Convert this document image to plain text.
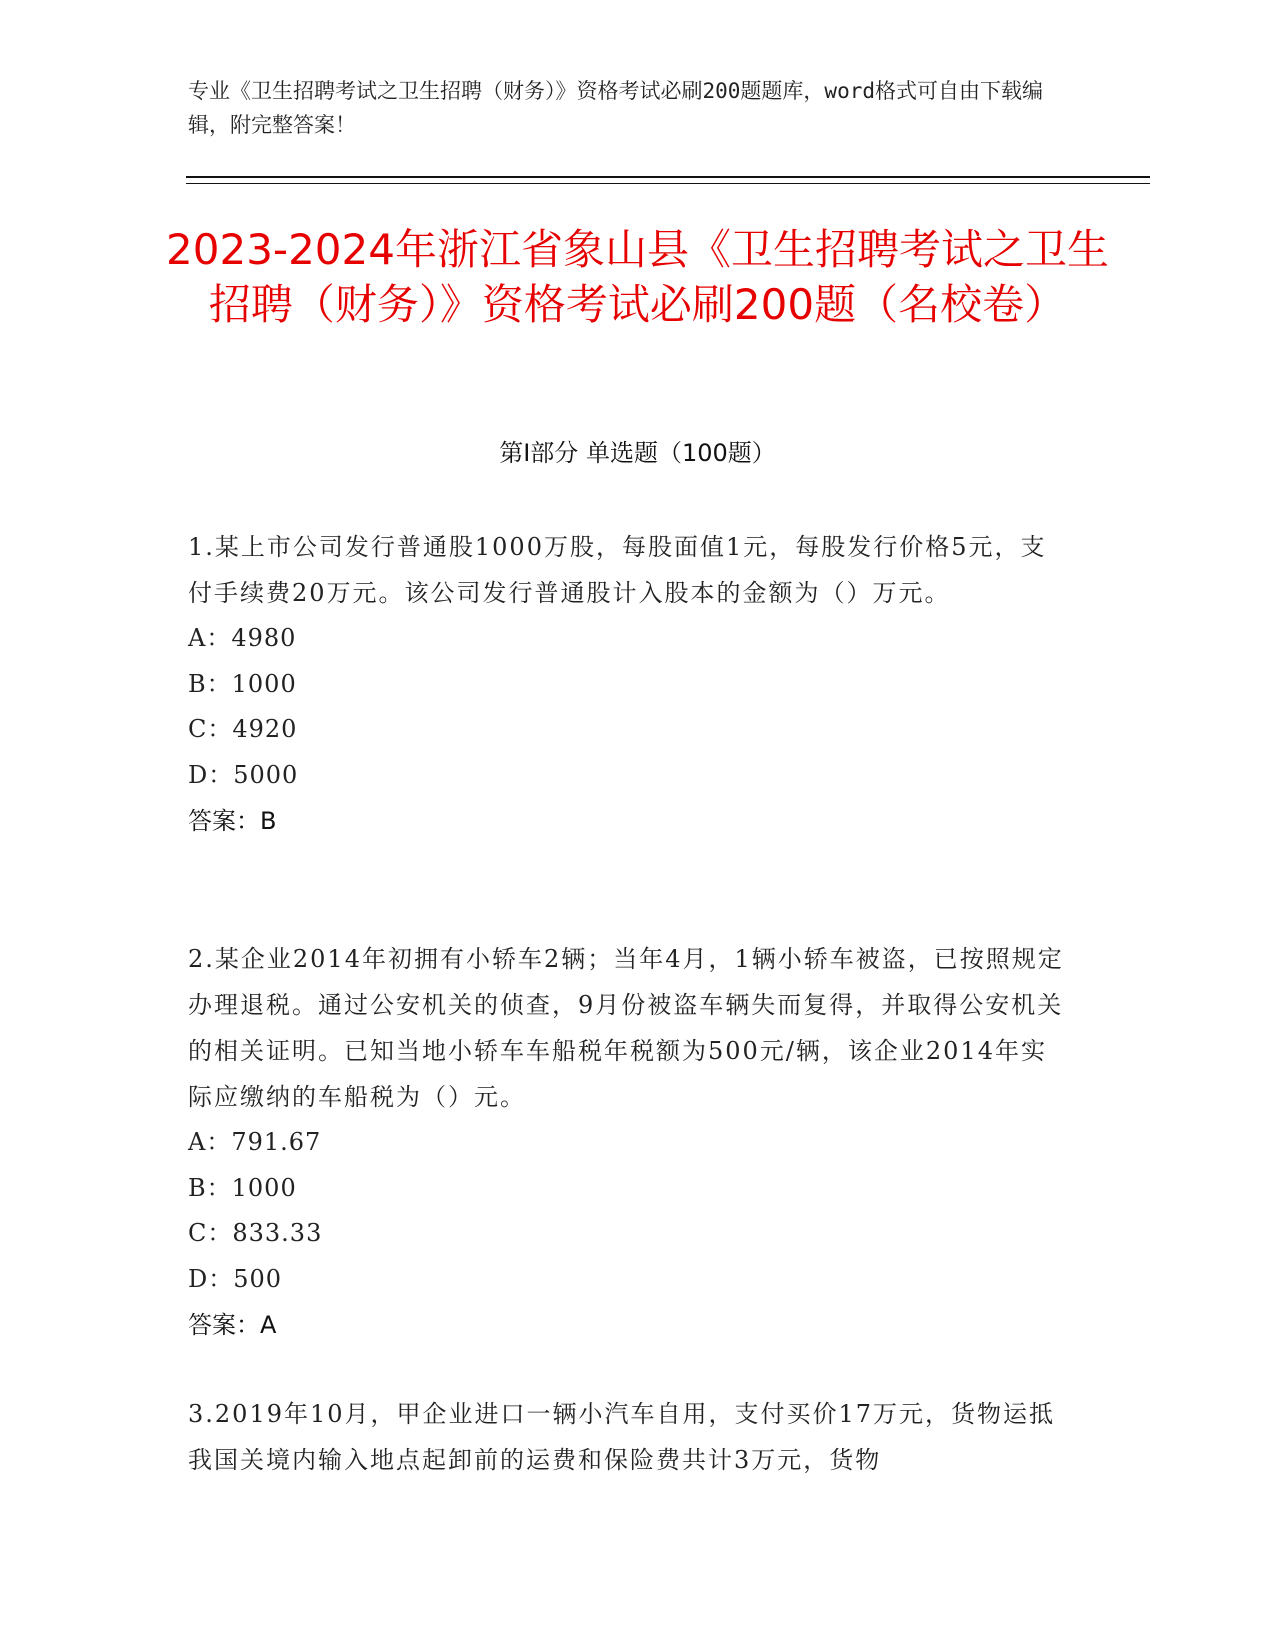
专业《卫生招聘考试之卫生招聘（财务）》资格考试必刷200题题库，word格式可自由下载编辑，附完整答案！
2023-2024年浙江省象山县《卫生招聘考试之卫生招聘（财务）》资格考试必刷200题（名校卷）
第Ⅰ部分 单选题（100题）

1.某上市公司发行普通股1000万股，每股面值1元，每股发行价格5元，支付手续费20万元。该公司发行普通股计入股本的金额为（）万元。

A：4980

B：1000

C：4920

D：5000

答案：B

2.某企业2014年初拥有小轿车2辆；当年4月，1辆小轿车被盗，已按照规定办理退税。通过公安机关的侦查，9月份被盗车辆失而复得，并取得公安机关的相关证明。已知当地小轿车车船税年税额为500元/辆，该企业2014年实际应缴纳的车船税为（）元。

A：791.67

B：1000

C：833.33

D：500

答案：A

3.2019年10月，甲企业进口一辆小汽车自用，支付买价17万元，货物运抵我国关境内输入地点起卸前的运费和保险费共计3万元，货物
